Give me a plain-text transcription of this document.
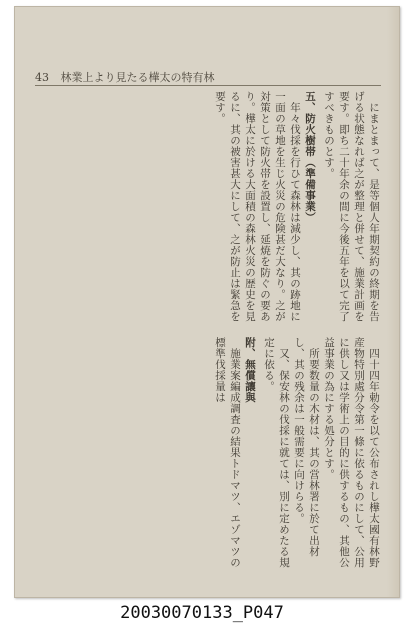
43 林業上より見たる樺太の特有林

にまとまって、是等個人年期契約の終期を告げる状態なれば之が整理と併せて、施業計画を要す。即ち二十年余の間に今後五年を以て完了すべきものとす。

五、防火樹帯（準備事業）

年々伐採を行ひて森林は減少し、其の跡地に一面の草地を生じ火災の危険甚だ大なり。之が対策として防火帯を設置し、延焼を防ぐの要あり。樺太に於ける大面積の森林火災の歴史を見るに、其の被害甚大にして、之が防止は緊急を要す。

四十四年勅令を以て公布されし樺太國有林野産物特別處分令第一條に依るものにして、公用に供し又は学術上の目的に供するもの、其他公益事業の為にする処分とす。

所要数量の木材は、其の営林署に於て出材し、其の残余は一般需要に向けらる。

又、保安林の伐採に就ては、別に定めたる規定に依る。

附、無償讓與

施業案編成調査の結果トドマツ、エゾマツの標準伐採量は

20030070133_P047
